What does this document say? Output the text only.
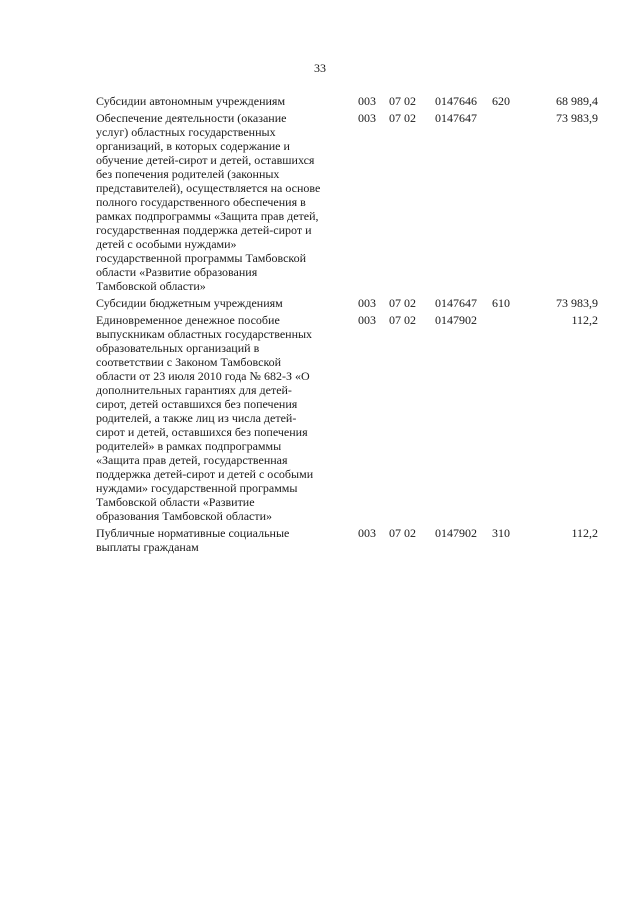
33
Субсидии автономным учреждениям	003 07 02 0147646 620	68 989,4
Обеспечение деятельности (оказание
услуг) областных государственных
организаций, в которых содержание и
обучение детей-сирот и детей, оставшихся
без попечения родителей (законных
представителей), осуществляется на основе
полного государственного обеспечения в
рамках подпрограммы «Защита прав детей,
государственная поддержка детей-сирот и
детей с особыми нуждами»
государственной программы Тамбовской
области «Развитие образования
Тамбовской области»
003 07 02 0147647	73 983,9
Субсидии бюджетным учреждениям	003 07 02 0147647 610	73 983,9
Единовременное денежное пособие
выпускникам областных государственных
образовательных организаций в
соответствии с Законом Тамбовской
области от 23 июля 2010 года № 682-З «О
дополнительных гарантиях для детей-
сирот, детей оставшихся без попечения
родителей, а также лиц из числа детей-
сирот и детей, оставшихся без попечения
родителей» в рамках подпрограммы
«Защита прав детей, государственная
поддержка детей-сирот и детей с особыми
нуждами» государственной программы
Тамбовской области «Развитие
образования Тамбовской области»
003 07 02 0147902	112,2
Публичные нормативные социальные
выплаты гражданам
003 07 02 0147902 310	112,2
